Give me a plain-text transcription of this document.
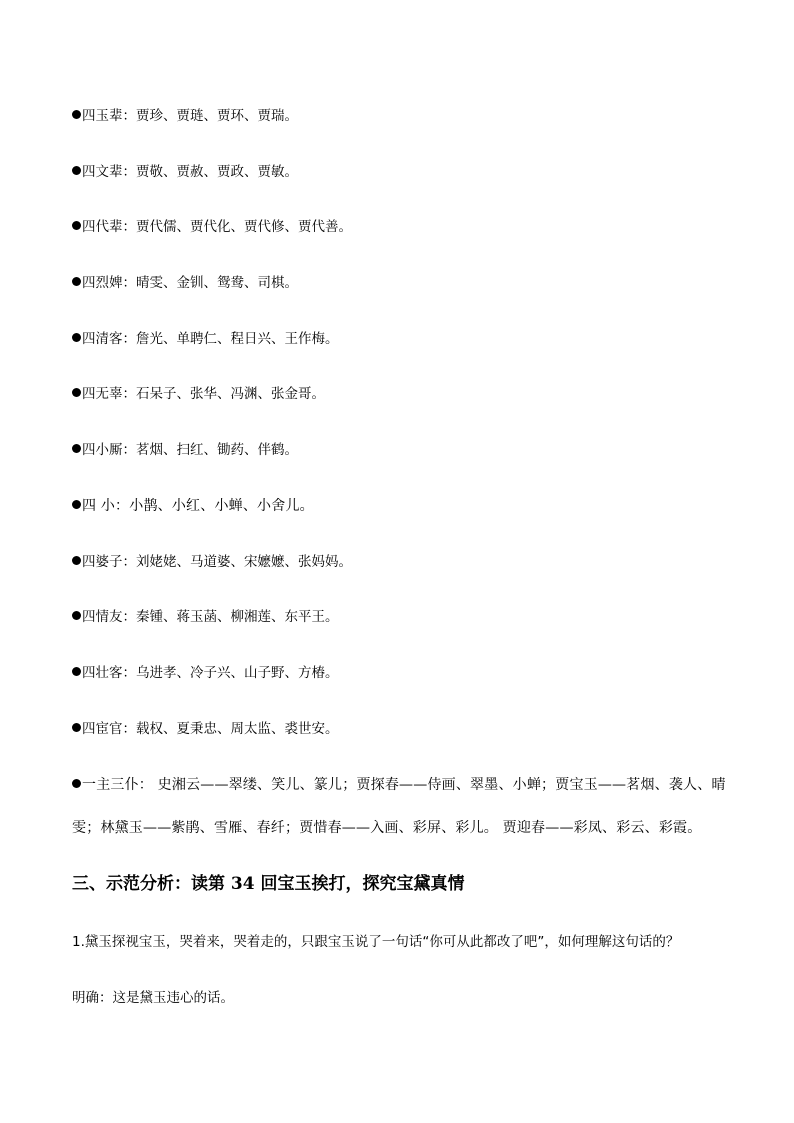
四玉辈：贾珍、贾琏、贾环、贾瑞。
四文辈：贾敬、贾赦、贾政、贾敏。
四代辈：贾代儒、贾代化、贾代修、贾代善。
四烈婢：晴雯、金钏、鸳鸯、司棋。
四清客：詹光、单聘仁、程日兴、王作梅。
四无辜：石呆子、张华、冯渊、张金哥。
四小厮：茗烟、扫红、锄药、伴鹤。
四 小：小鹊、小红、小蝉、小舍儿。
四婆子：刘姥姥、马道婆、宋嬷嬷、张妈妈。
四情友：秦锺、蒋玉菡、柳湘莲、东平王。
四壮客：乌进孝、冷子兴、山子野、方椿。
四宦官：载权、夏秉忠、周太监、裘世安。
一主三仆： 史湘云——翠缕、笑儿、篆儿；贾探春——侍画、翠墨、小蝉；贾宝玉——茗烟、袭人、晴
雯；林黛玉——紫鹃、雪雁、春纤；贾惜春——入画、彩屏、彩儿。 贾迎春——彩凤、彩云、彩霞。
三、示范分析：读第 34 回宝玉挨打，探究宝黛真情
1.黛玉探视宝玉，哭着来，哭着走的，只跟宝玉说了一句话“你可从此都改了吧”，如何理解这句话的？
明确：这是黛玉违心的话。
